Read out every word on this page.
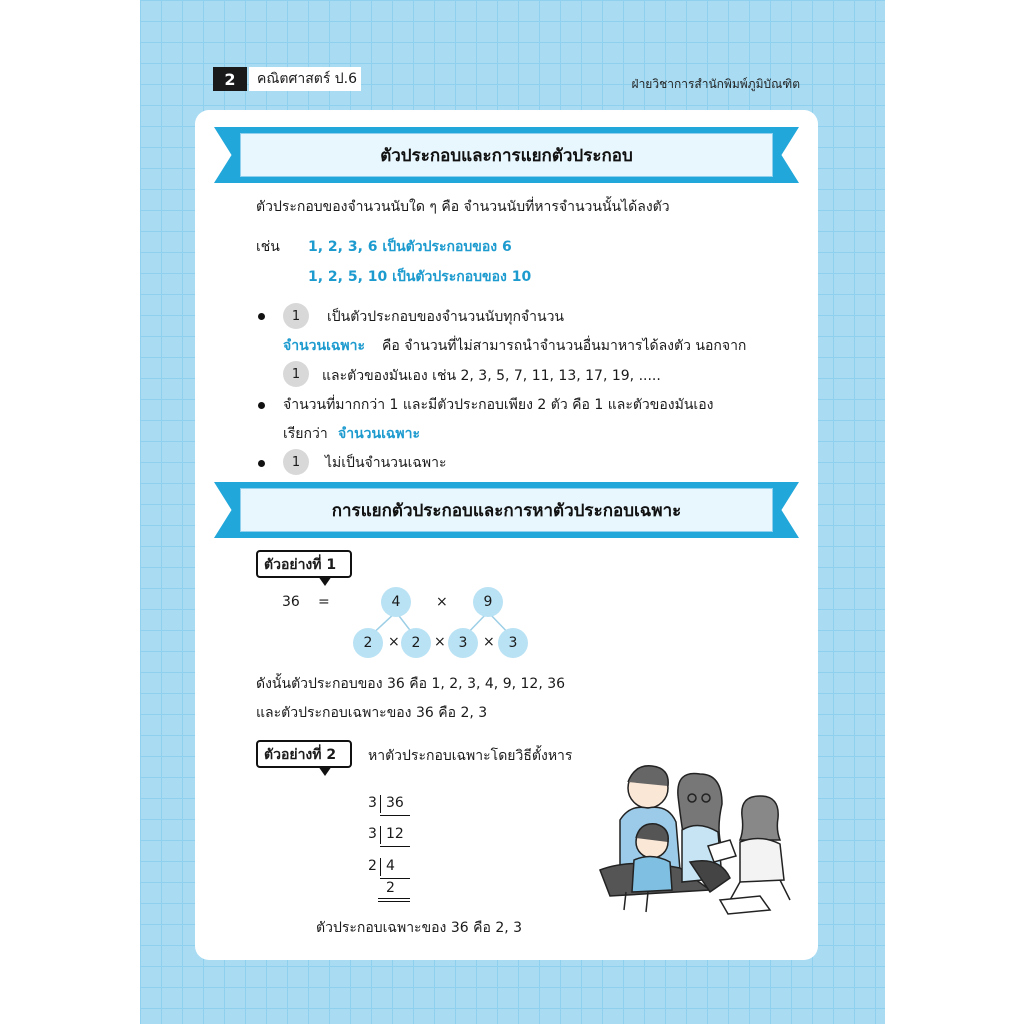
2	คณิตศาสตร์ ป.6	ฝ่ายวิชาการสำนักพิมพ์ภูมิบัณฑิต
ตัวประกอบและการแยกตัวประกอบ
ตัวประกอบของจำนวนนับใด ๆ คือ จำนวนนับที่หารจำนวนนั้นได้ลงตัว
เช่น 1, 2, 3, 6 เป็นตัวประกอบของ 6
1, 2, 5, 10 เป็นตัวประกอบของ 10
1	เป็นตัวประกอบของจำนวนนับทุกจำนวน
จำนวนเฉพาะ คือ จำนวนที่ไม่สามารถนำจำนวนอื่นมาหารได้ลงตัว นอกจาก
1	และตัวของมันเอง เช่น 2, 3, 5, 7, 11, 13, 17, 19, .....
จำนวนที่มากกว่า 1 และมีตัวประกอบเพียง 2 ตัว คือ 1 และตัวของมันเอง
เรียกว่า จำนวนเฉพาะ
1	ไม่เป็นจำนวนเฉพาะ
การแยกตัวประกอบและการหาตัวประกอบเฉพาะ
ตัวอย่างที่ 1
36 =	4	×	9
2	× 2 × 3	× 3
ดังนั้นตัวประกอบของ 36 คือ 1, 2, 3, 4, 9, 12, 36
และตัวประกอบเฉพาะของ 36 คือ 2, 3
ตัวอย่างที่ 2	หาตัวประกอบเฉพาะโดยวิธีตั้งหาร
3 36
3 12
2 4
2
ตัวประกอบเฉพาะของ 36 คือ 2, 3
